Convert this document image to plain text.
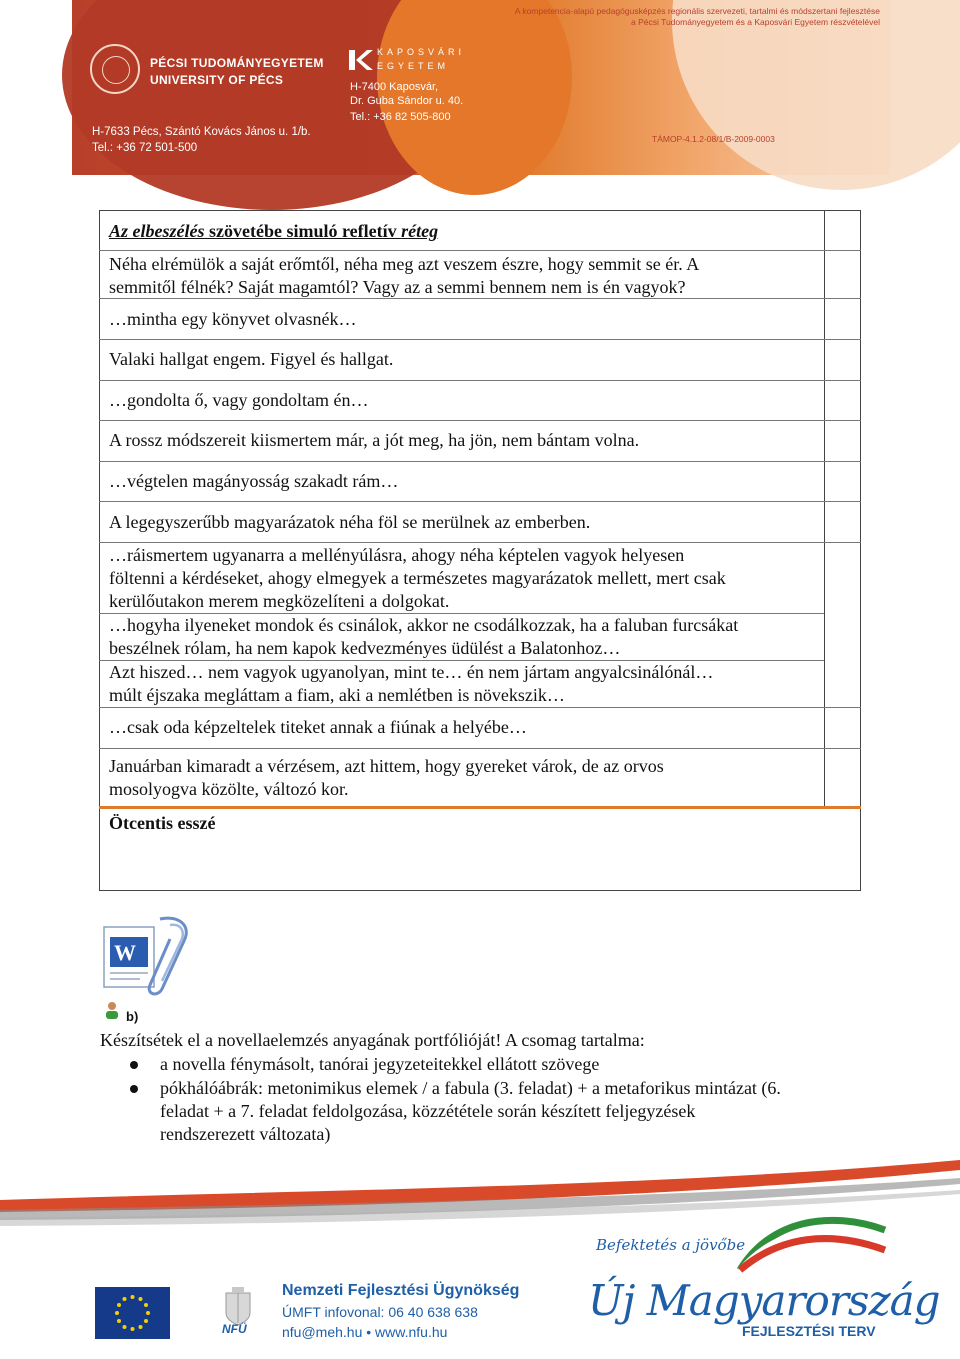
A kompetencia-alapú pedagógusképzés regionális szervezeti, tartalmi és módszertani fejlesztése
a Pécsi Tudományegyetem és a Kaposvári Egyetem részvételével
PÉCSI TUDOMÁNYEGYETEM
UNIVERSITY OF PÉCS
H-7633 Pécs, Szántó Kovács János u. 1/b.
Tel.: +36 72 501-500
KAPOSVÁRI
EGYETEM
H-7400 Kaposvár,
Dr. Guba Sándor u. 40.
Tel.: +36 82 505-800
TÁMOP-4.1.2-08/1/B-2009-0003
Az elbeszélés szövetébe simuló refletív réteg
Néha elrémülök a saját erőmtől, néha meg azt veszem észre, hogy semmit se ér. A
semmitől félnék? Saját magamtól? Vagy az a semmi bennem nem is én vagyok?
…mintha egy könyvet olvasnék…
Valaki hallgat engem. Figyel és hallgat.
…gondolta ő, vagy gondoltam én…
A rossz módszereit kiismertem már, a jót meg, ha jön, nem bántam volna.
…végtelen magányosság szakadt rám…
A legegyszerűbb magyarázatok néha föl se merülnek az emberben.
…ráismertem ugyanarra a mellényúlásra, ahogy néha képtelen vagyok helyesen
föltenni a kérdéseket, ahogy elmegyek a természetes magyarázatok mellett, mert csak
kerülőutakon merem megközelíteni a dolgokat.
…hogyha ilyeneket mondok és csinálok, akkor ne csodálkozzak, ha a faluban furcsákat
beszélnek rólam, ha nem kapok kedvezményes üdülést a Balatonhoz…
Azt hiszed… nem vagyok ugyanolyan, mint te… én nem jártam angyalcsinálónál…
múlt éjszaka megláttam a fiam, aki a nemlétben is növekszik…
…csak oda képzeltelek titeket annak a fiúnak a helyébe…
Januárban kimaradt a vérzésem, azt hittem, hogy gyereket várok, de az orvos
mosolyogva közölte, változó kor.
Ötcentis esszé
W
b)
Készítsétek el a novellaelemzés anyagának portfólióját! A csomag tartalma:
a novella fénymásolt, tanórai jegyzeteitekkel ellátott szövege
pókhálóábrák: metonimikus elemek / a fabula (3. feladat) + a metaforikus mintázat (6.
feladat + a 7. feladat feldolgozása, közzététele során készített feljegyzések
rendszerezett változata)
NFÜ
Nemzeti Fejlesztési Ügynökség
ÚMFT infovonal: 06 40 638 638
nfu@meh.hu • www.nfu.hu
Befektetés a jövőbe
Új Magyarország
FEJLESZTÉSI TERV
